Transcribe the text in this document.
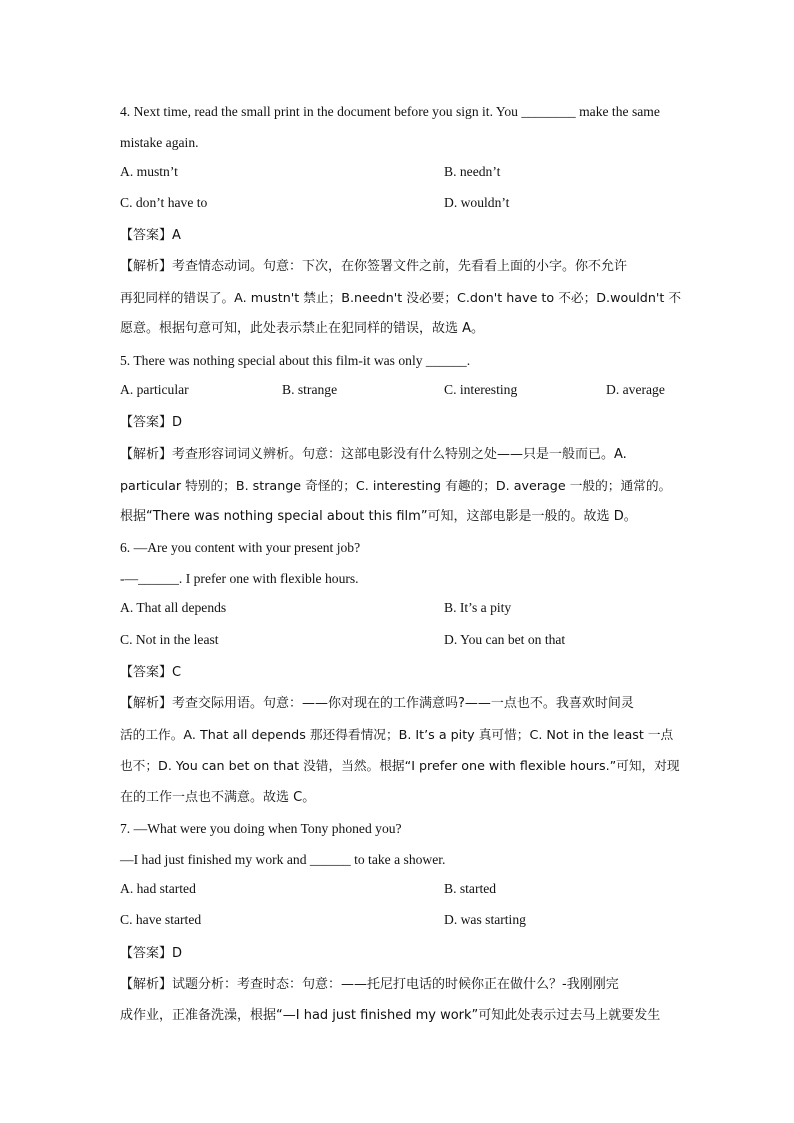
4. Next time, read the small print in the document before you sign it. You ________ make the same
mistake again.
A. mustn’t	B. needn’t
C. don’t have to	D. wouldn’t
【答案】A
【解析】考查情态动词。句意：下次，在你签署文件之前，先看看上面的小字。你不允许
再犯同样的错误了。A. mustn't 禁止；B.needn't 没必要；C.don't have to 不必；D.wouldn't 不
愿意。根据句意可知，此处表示禁止在犯同样的错误，故选 A。
5. There was nothing special about this film-it was only ______.
A. particular	B. strange	C. interesting	D. average
【答案】D
【解析】考查形容词词义辨析。句意：这部电影没有什么特别之处——只是一般而已。A.
particular 特别的；B. strange 奇怪的；C. interesting 有趣的；D. average 一般的；通常的。
根据“There was nothing special about this film”可知，这部电影是一般的。故选 D。
6. —Are you content with your present job?
-—______. I prefer one with flexible hours.
A. That all depends	B. It’s a pity
C. Not in the least	D. You can bet on that
【答案】C
【解析】考查交际用语。句意：——你对现在的工作满意吗?——一点也不。我喜欢时间灵
活的工作。A. That all depends 那还得看情况；B. It’s a pity 真可惜；C. Not in the least 一点
也不；D. You can bet on that 没错，当然。根据“I prefer one with flexible hours.”可知，对现
在的工作一点也不满意。故选 C。
7. —What were you doing when Tony phoned you?
—I had just finished my work and ______ to take a shower.
A. had started	B. started
C. have started	D. was starting
【答案】D
【解析】试题分析：考查时态：句意：——托尼打电话的时候你正在做什么？-我刚刚完
成作业，正准备洗澡，根据“—I had just finished my work”可知此处表示过去马上就要发生
